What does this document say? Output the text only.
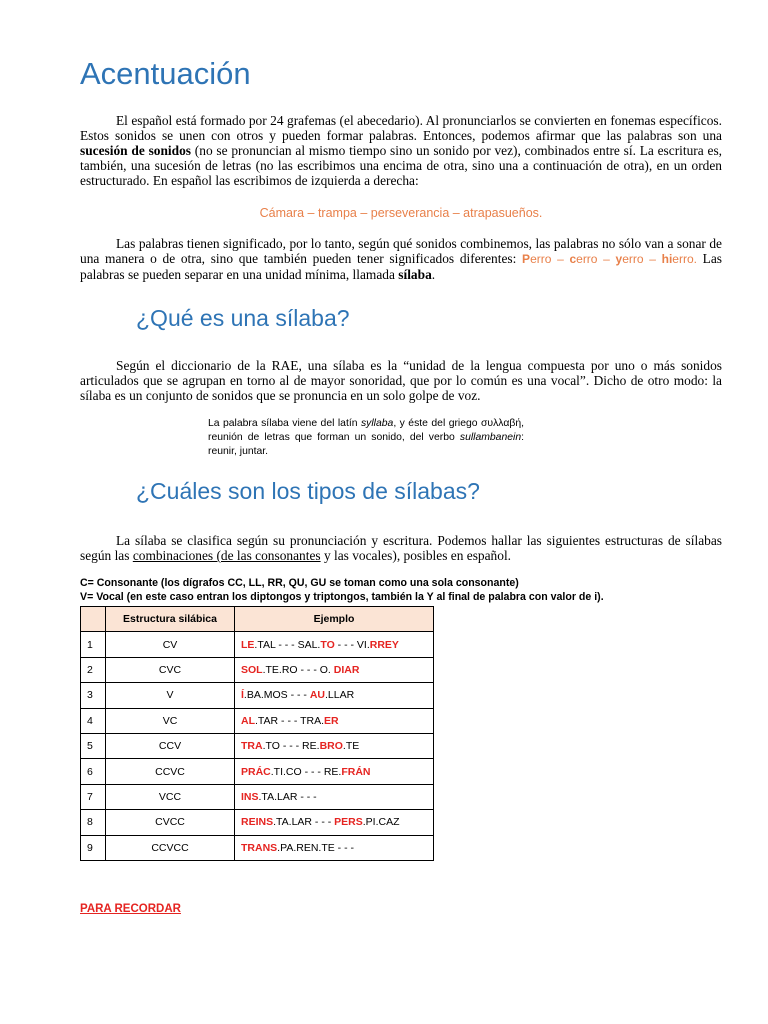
Acentuación

El español está formado por 24 grafemas (el abecedario). Al pronunciarlos se convierten en fonemas específicos. Estos sonidos se unen con otros y pueden formar palabras. Entonces, podemos afirmar que las palabras son una sucesión de sonidos (no se pronuncian al mismo tiempo sino un sonido por vez), combinados entre sí. La escritura es, también, una sucesión de letras (no las escribimos una encima de otra, sino una a continuación de otra), en un orden estructurado. En español las escribimos de izquierda a derecha:

Cámara – trampa – perseverancia – atrapasueños.

Las palabras tienen significado, por lo tanto, según qué sonidos combinemos, las palabras no sólo van a sonar de una manera o de otra, sino que también pueden tener significados diferentes: Perro – cerro – yerro – hierro. Las palabras se pueden separar en una unidad mínima, llamada sílaba.

¿Qué es una sílaba?

Según el diccionario de la RAE, una sílaba es la “unidad de la lengua compuesta por uno o más sonidos articulados que se agrupan en torno al de mayor sonoridad, que por lo común es una vocal”. Dicho de otro modo: la sílaba es un conjunto de sonidos que se pronuncia en un solo golpe de voz.

La palabra sílaba viene del latín syllaba, y éste del griego συλλαβή, reunión de letras que forman un sonido, del verbo sullambanein: reunir, juntar.

¿Cuáles son los tipos de sílabas?

La sílaba se clasifica según su pronunciación y escritura. Podemos hallar las siguientes estructuras de sílabas según las combinaciones (de las consonantes y las vocales), posibles en español.

C= Consonante (los dígrafos CC, LL, RR, QU, GU se toman como una sola consonante)

V= Vocal (en este caso entran los diptongos y triptongos, también la Y al final de palabra con valor de i).

	Estructura silábica	Ejemplo
1	CV	LE.TAL - - - SAL.TO - - - VI.RREY
2	CVC	SOL.TE.RO - - - O. DIAR
3	V	Í.BA.MOS - - - AU.LLAR
4	VC	AL.TAR - - - TRA.ER
5	CCV	TRA.TO - - - RE.BRO.TE
6	CCVC	PRÁC.TI.CO - - - RE.FRÁN
7	VCC	INS.TA.LAR - - -
8	CVCC	REINS.TA.LAR - - - PERS.PI.CAZ
9	CCVCC	TRANS.PA.REN.TE - - -

PARA RECORDAR
